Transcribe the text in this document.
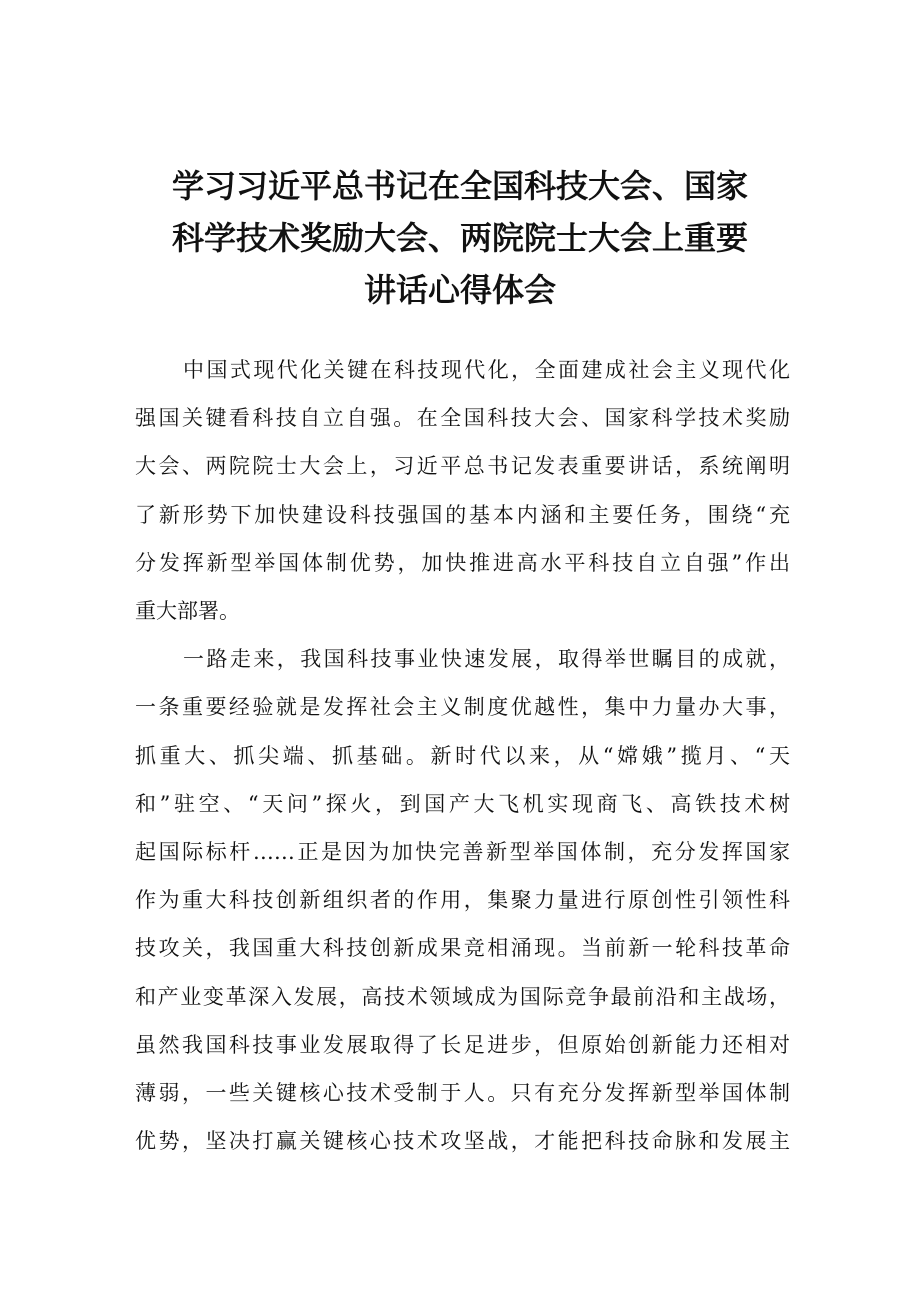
学习习近平总书记在全国科技大会、国家
科学技术奖励大会、两院院士大会上重要
讲话心得体会
中国式现代化关键在科技现代化，全面建成社会主义现代化
强国关键看科技自立自强。在全国科技大会、国家科学技术奖励
大会、两院院士大会上，习近平总书记发表重要讲话，系统阐明
了新形势下加快建设科技强国的基本内涵和主要任务，围绕“充
分发挥新型举国体制优势，加快推进高水平科技自立自强”作出
重大部署。
一路走来，我国科技事业快速发展，取得举世瞩目的成就，
一条重要经验就是发挥社会主义制度优越性，集中力量办大事，
抓重大、抓尖端、抓基础。新时代以来，从“嫦娥”揽月、“天
和”驻空、“天问”探火，到国产大飞机实现商飞、高铁技术树
起国际标杆……正是因为加快完善新型举国体制，充分发挥国家
作为重大科技创新组织者的作用，集聚力量进行原创性引领性科
技攻关，我国重大科技创新成果竞相涌现。当前新一轮科技革命
和产业变革深入发展，高技术领域成为国际竞争最前沿和主战场，
虽然我国科技事业发展取得了长足进步，但原始创新能力还相对
薄弱，一些关键核心技术受制于人。只有充分发挥新型举国体制
优势，坚决打赢关键核心技术攻坚战，才能把科技命脉和发展主
